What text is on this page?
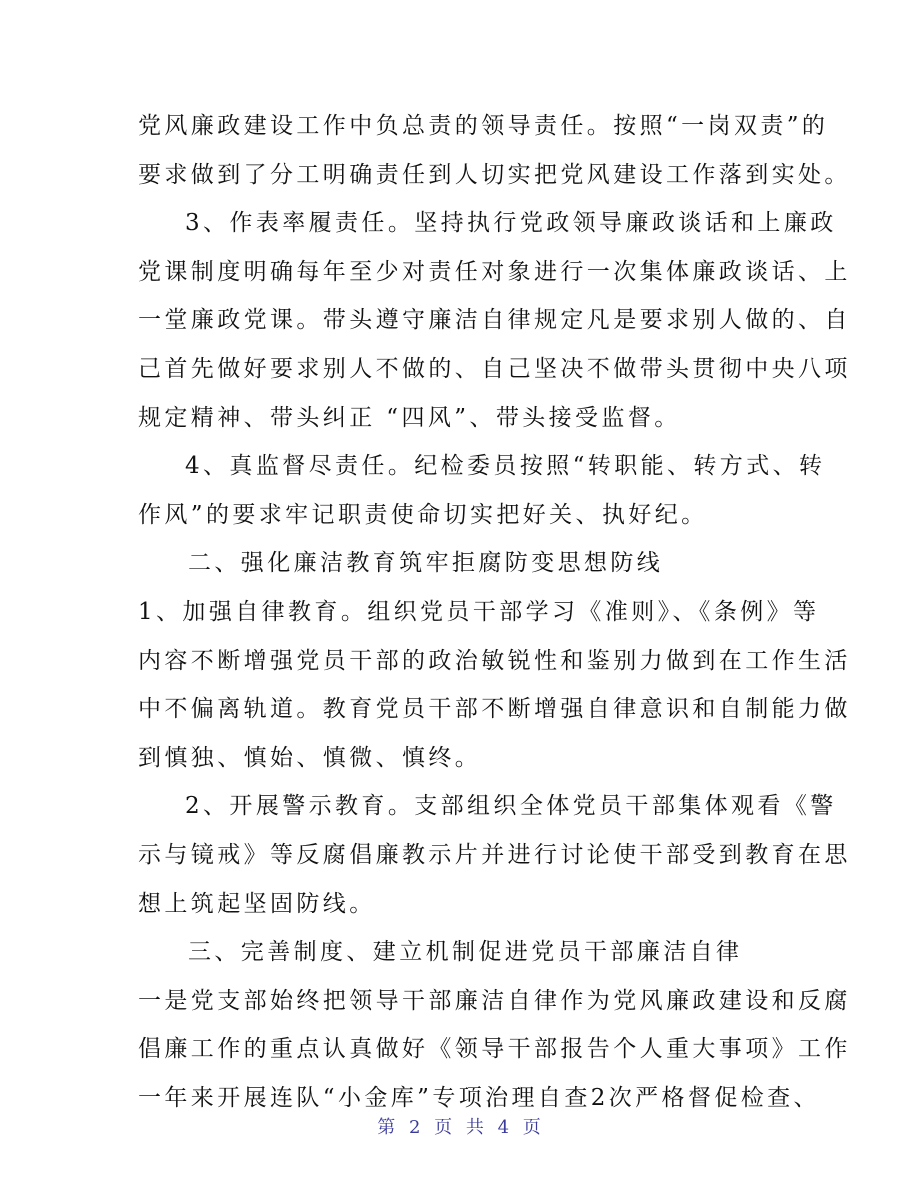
党风廉政建设工作中负总责的领导责任。按照“一岗双责”的
要求做到了分工明确责任到人切实把党风建设工作落到实处。
3、作表率履责任。坚持执行党政领导廉政谈话和上廉政
党课制度明确每年至少对责任对象进行一次集体廉政谈话、上
一堂廉政党课。带头遵守廉洁自律规定凡是要求别人做的、自
己首先做好要求别人不做的、自己坚决不做带头贯彻中央八项
规定精神、带头纠正 “四风”、带头接受监督。
4、真监督尽责任。纪检委员按照“转职能、转方式、转
作风”的要求牢记职责使命切实把好关、执好纪。
二、强化廉洁教育筑牢拒腐防变思想防线
1、加强自律教育。组织党员干部学习《准则》、《条例》等
内容不断增强党员干部的政治敏锐性和鉴别力做到在工作生活
中不偏离轨道。教育党员干部不断增强自律意识和自制能力做
到慎独、慎始、慎微、慎终。
2、开展警示教育。支部组织全体党员干部集体观看《警
示与镜戒》等反腐倡廉教示片并进行讨论使干部受到教育在思
想上筑起坚固防线。
三、完善制度、建立机制促进党员干部廉洁自律
一是党支部始终把领导干部廉洁自律作为党风廉政建设和反腐
倡廉工作的重点认真做好《领导干部报告个人重大事项》工作
一年来开展连队“小金库”专项治理自查2次严格督促检查、
第 2 页 共 4 页
